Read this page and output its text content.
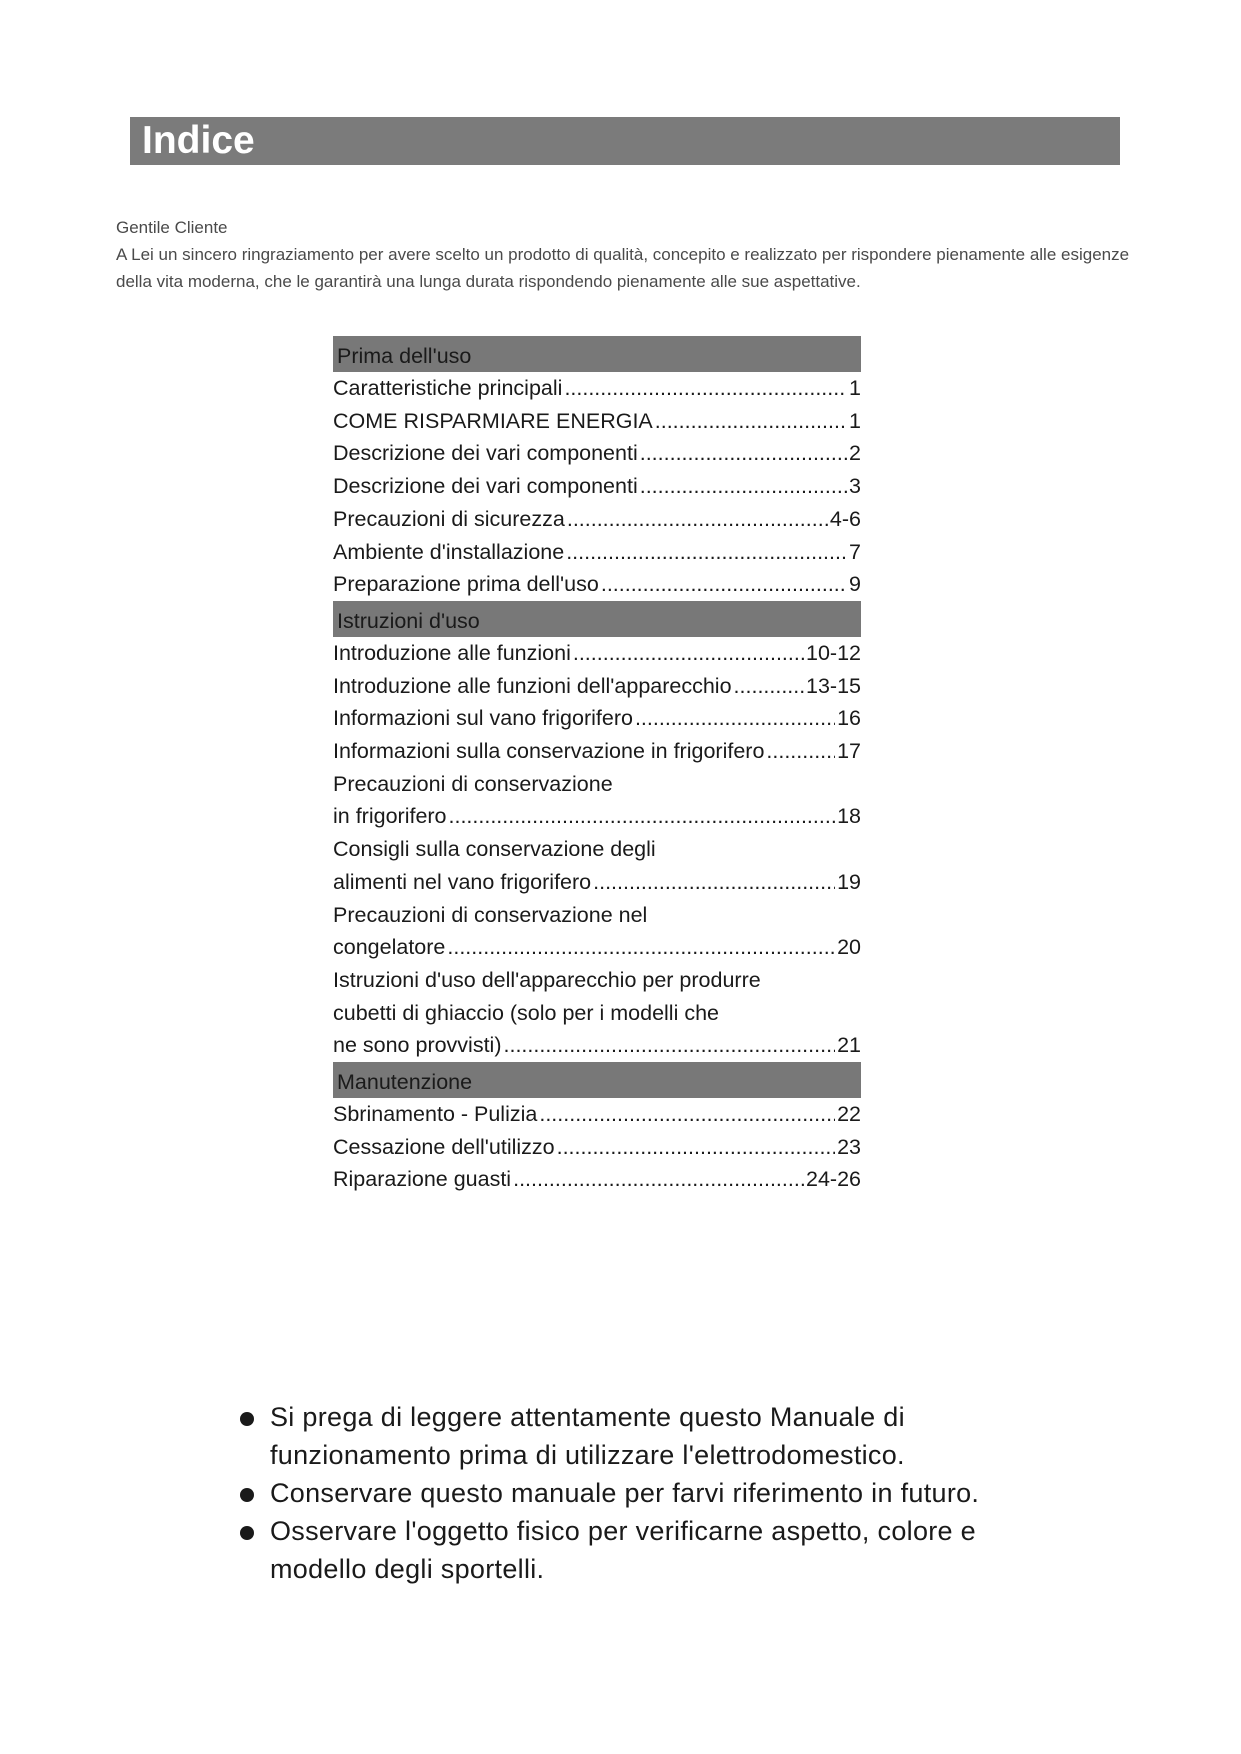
Indice
Gentile Cliente
A Lei un sincero ringraziamento per avere scelto un prodotto di qualità, concepito e realizzato per rispondere pienamente alle esigenze della vita moderna, che le garantirà una lunga durata rispondendo pienamente alle sue aspettative.
Prima dell'uso
Caratteristiche principali .....	1
COME RISPARMIARE ENERGIA .....	1
Descrizione dei vari componenti .....	2
Descrizione dei vari componenti .....	3
Precauzioni di sicurezza .....	4-6
Ambiente d'installazione .....	7
Preparazione prima dell'uso .....	9
Istruzioni d'uso
Introduzione alle funzioni .....	10-12
Introduzione alle funzioni dell'apparecchio .....	13-15
Informazioni sul vano frigorifero .....	16
Informazioni sulla conservazione in frigorifero .....	17
Precauzioni di conservazione
in frigorifero .....	18
Consigli sulla conservazione degli
alimenti nel vano frigorifero .....	19
Precauzioni di conservazione nel
congelatore .....	20
Istruzioni d'uso dell'apparecchio per produrre
cubetti di ghiaccio (solo per i modelli che
ne sono provvisti) .....	21
Manutenzione
Sbrinamento - Pulizia .....	22
Cessazione dell'utilizzo .....	23
Riparazione guasti .....	24-26
Si prega di leggere attentamente questo Manuale di funzionamento prima di utilizzare l'elettrodomestico.
Conservare questo manuale per farvi riferimento in futuro.
Osservare l'oggetto fisico per verificarne aspetto, colore e modello degli sportelli.
